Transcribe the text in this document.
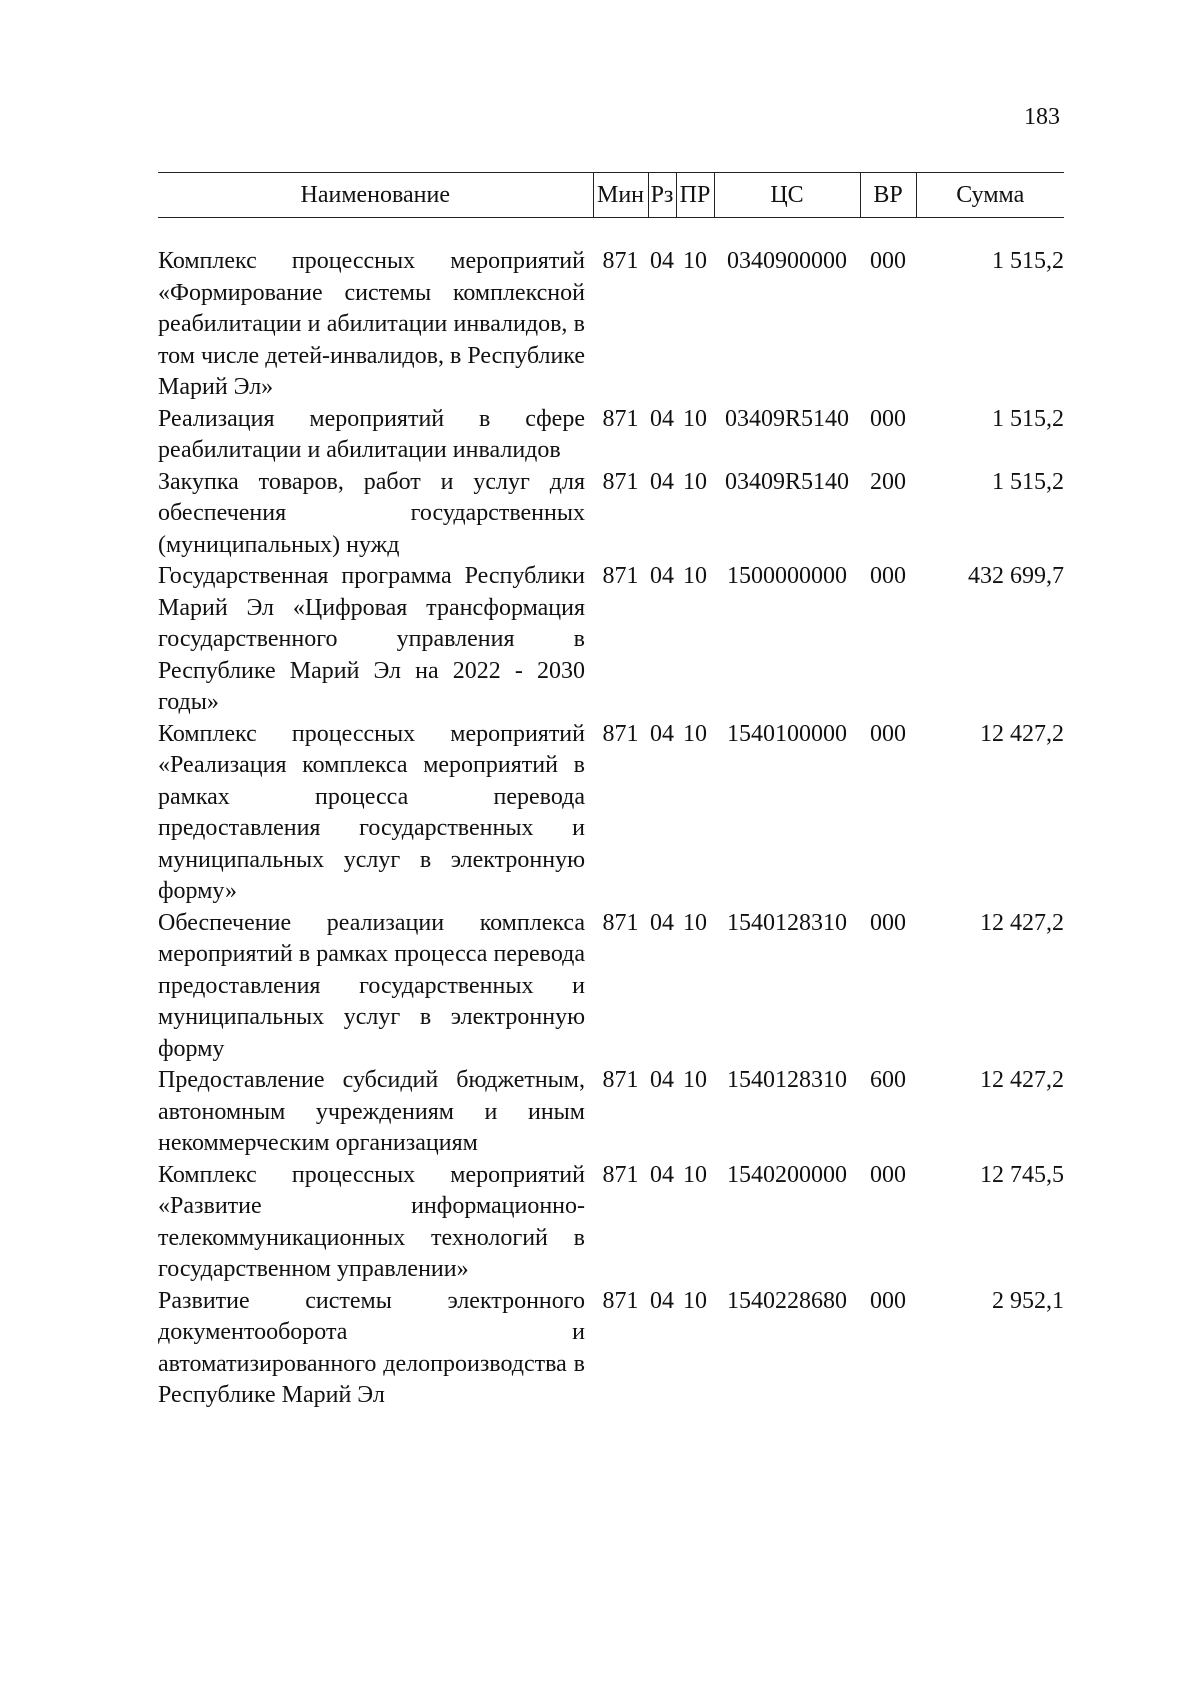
183
Наименование	Мин	Рз	ПР	ЦС	ВР	Сумма

Комплекс процессных мероприятий «Формирование системы комплексной реабилитации и абилитации инвалидов, в том числе детей-инвалидов, в Республике Марий Эл»	871	04	10	0340900000	000	1 515,2
Реализация мероприятий в сфере реабилитации и абилитации инвалидов	871	04	10	03409R5140	000	1 515,2
Закупка товаров, работ и услуг для обеспечения государственных (муниципальных) нужд	871	04	10	03409R5140	200	1 515,2
Государственная программа Республики Марий Эл «Цифровая трансформация государственного управления в Республике Марий Эл на 2022 - 2030 годы»	871	04	10	1500000000	000	432 699,7
Комплекс процессных мероприятий «Реализация комплекса мероприятий в рамках процесса перевода предоставления государственных и муниципальных услуг в электронную форму»	871	04	10	1540100000	000	12 427,2
Обеспечение реализации комплекса мероприятий в рамках процесса перевода предоставления государственных и муниципальных услуг в электронную форму	871	04	10	1540128310	000	12 427,2
Предоставление субсидий бюджетным, автономным учреждениям и иным некоммерческим организациям	871	04	10	1540128310	600	12 427,2
Комплекс процессных мероприятий «Развитие информационно-телекоммуникационных технологий в государственном управлении»	871	04	10	1540200000	000	12 745,5
Развитие системы электронного документооборота и автоматизированного делопроизводства в Республике Марий Эл	871	04	10	1540228680	000	2 952,1
